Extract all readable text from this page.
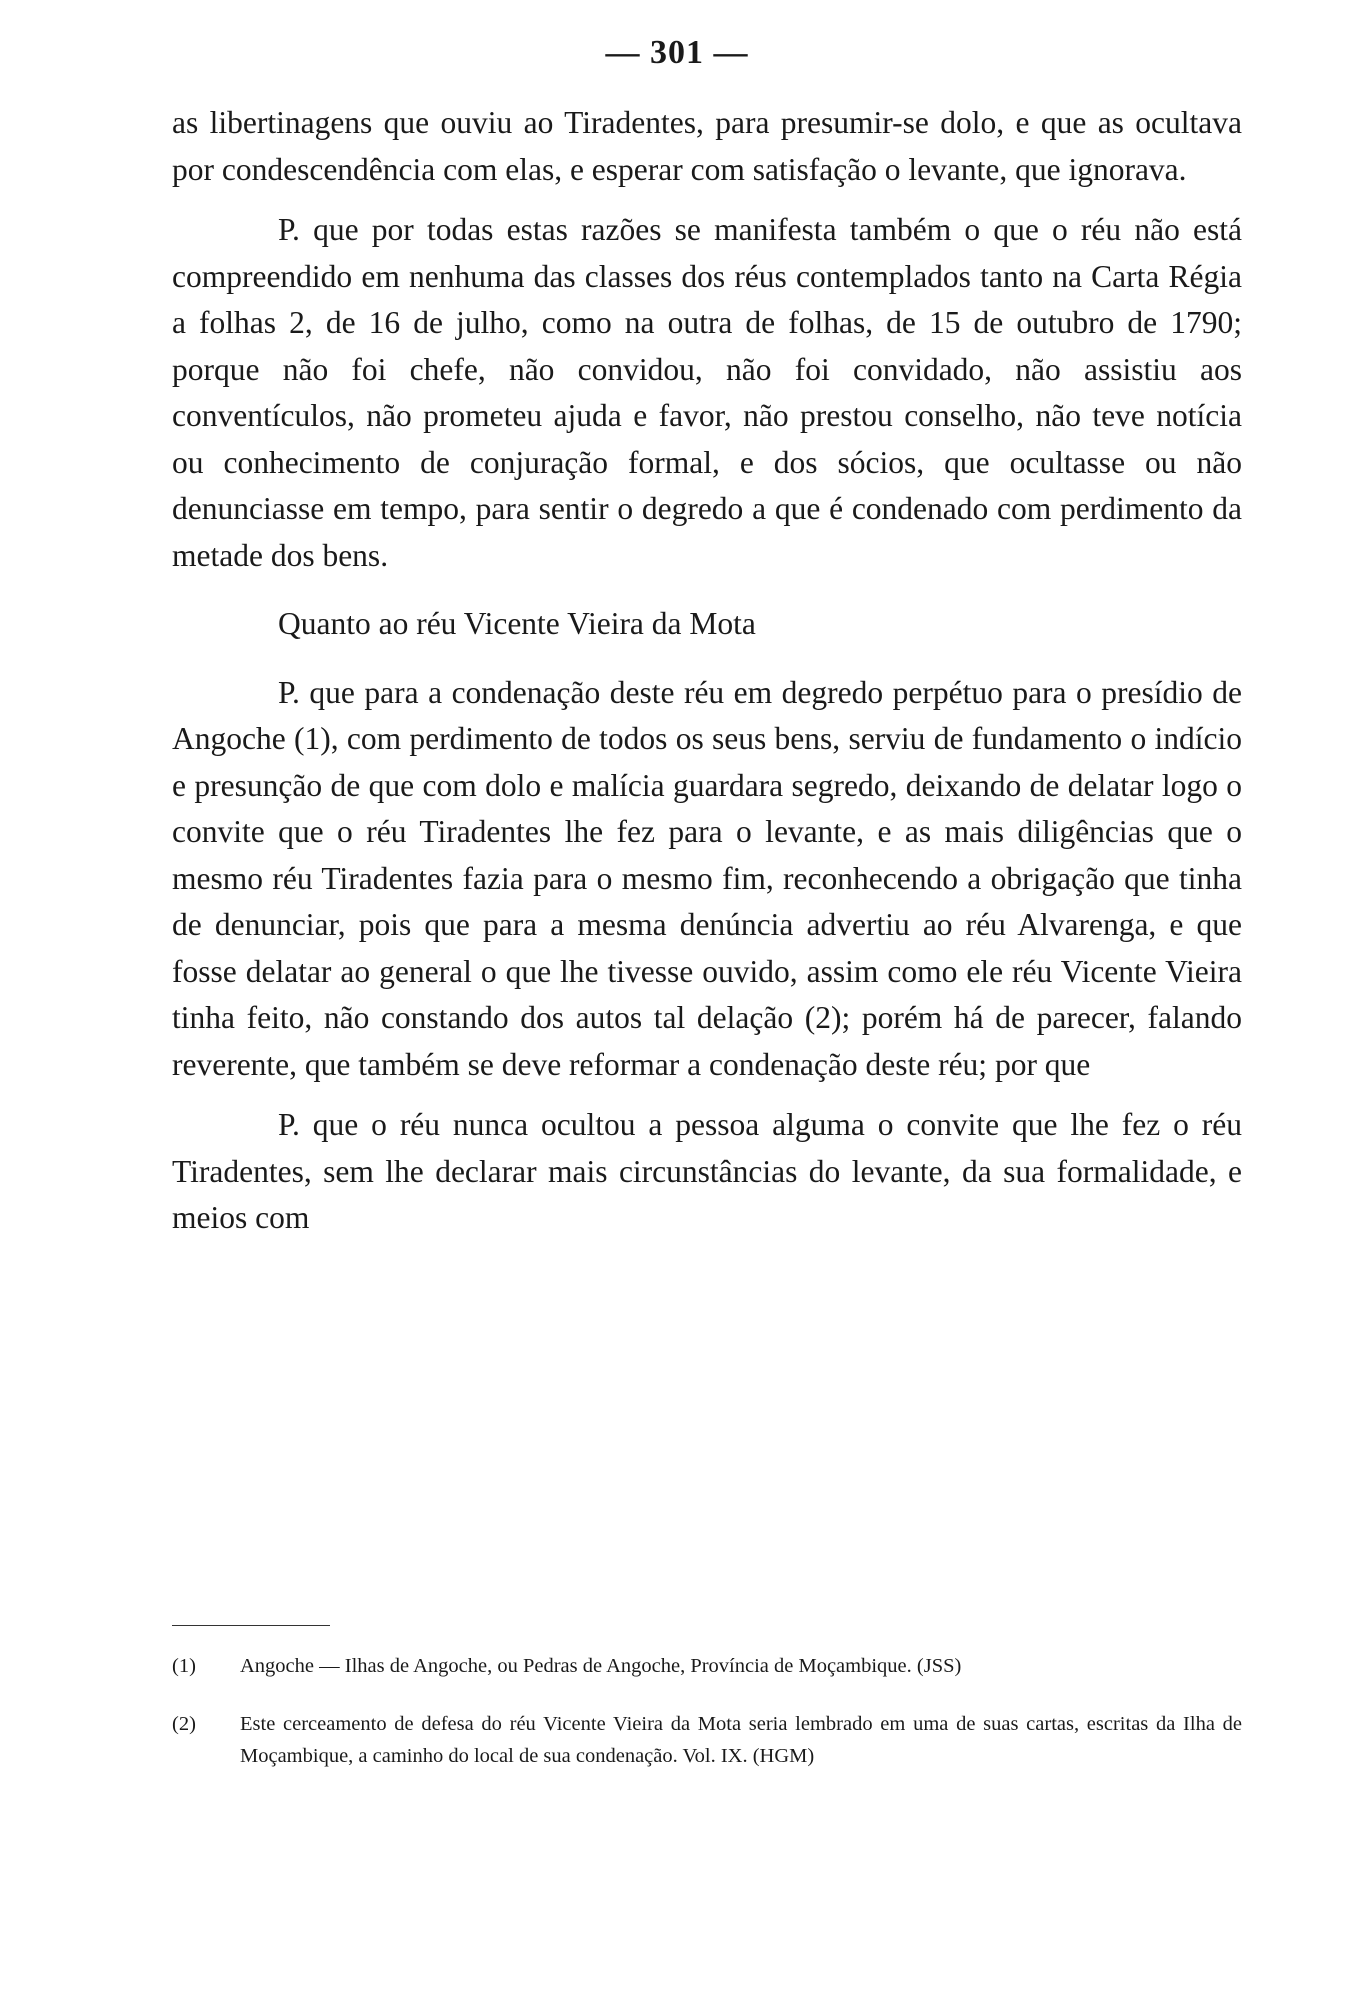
— 301 —

as libertinagens que ouviu ao Tiradentes, para presumir-se dolo, e que as ocultava por condescendência com elas, e esperar com satisfação o levante, que ignorava.

P. que por todas estas razões se manifesta também o que o réu não está compreendido em nenhuma das classes dos réus contemplados tanto na Carta Régia a folhas 2, de 16 de julho, como na outra de folhas, de 15 de outubro de 1790; porque não foi chefe, não convidou, não foi convidado, não assistiu aos conventículos, não prometeu ajuda e favor, não prestou conselho, não teve notícia ou conhecimento de conjuração formal, e dos sócios, que ocultasse ou não denunciasse em tempo, para sentir o degredo a que é condenado com perdimento da metade dos bens.

Quanto ao réu Vicente Vieira da Mota

P. que para a condenação deste réu em degredo perpétuo para o presídio de Angoche (1), com perdimento de todos os seus bens, serviu de fundamento o indício e presunção de que com dolo e malícia guardara segredo, deixando de delatar logo o convite que o réu Tiradentes lhe fez para o levante, e as mais diligências que o mesmo réu Tiradentes fazia para o mesmo fim, reconhecendo a obrigação que tinha de denunciar, pois que para a mesma denúncia advertiu ao réu Alvarenga, e que fosse delatar ao general o que lhe tivesse ouvido, assim como ele réu Vicente Vieira tinha feito, não constando dos autos tal delação (2); porém há de parecer, falando reverente, que também se deve reformar a condenação deste réu; por que

P. que o réu nunca ocultou a pessoa alguma o convite que lhe fez o réu Tiradentes, sem lhe declarar mais circunstâncias do levante, da sua formalidade, e meios com

(1)	Angoche — Ilhas de Angoche, ou Pedras de Angoche, Província de Moçambique. (JSS)
(2)	Este cerceamento de defesa do réu Vicente Vieira da Mota seria lembrado em uma de suas cartas, escritas da Ilha de Moçambique, a caminho do local de sua condenação. Vol. IX. (HGM)
